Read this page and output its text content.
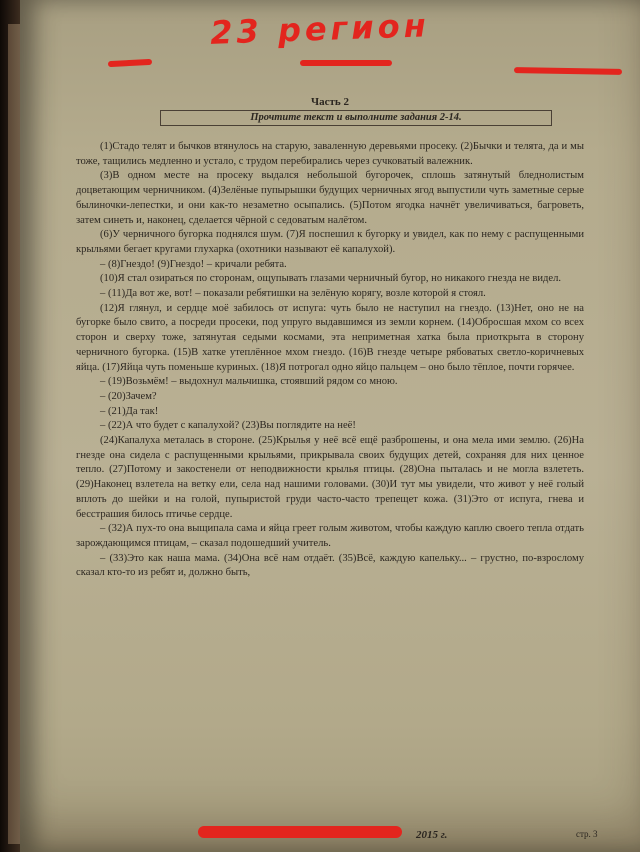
23 регион
Часть 2
Прочтите текст и выполните задания 2-14.

(1)Стадо телят и бычков втянулось на старую, заваленную деревьями просеку. (2)Бычки и телята, да и мы тоже, тащились медленно и устало, с трудом перебирались через сучковатый валежник.

(3)В одном месте на просеку выдался небольшой бугорочек, сплошь затянутый бледнолистым доцветающим черничником. (4)Зелёные пупырышки будущих черничных ягод выпустили чуть заметные серые былиночки-лепестки, и они как-то незаметно осыпались. (5)Потом ягодка начнёт увеличиваться, багроветь, затем синеть и, наконец, сделается чёрной с седоватым налётом.

(6)У черничного бугорка поднялся шум. (7)Я поспешил к бугорку и увидел, как по нему с распущенными крыльями бегает кругами глухарка (охотники называют её капалухой).

– (8)Гнездо! (9)Гнездо! – кричали ребята.

(10)Я стал озираться по сторонам, ощупывать глазами черничный бугор, но никакого гнезда не видел.

– (11)Да вот же, вот! – показали ребятишки на зелёную корягу, возле которой я стоял.

(12)Я глянул, и сердце моё забилось от испуга: чуть было не наступил на гнездо. (13)Нет, оно не на бугорке было свито, а посреди просеки, под упруго выдавшимся из земли корнем. (14)Обросшая мхом со всех сторон и сверху тоже, затянутая седыми космами, эта неприметная хатка была приоткрыта в сторону черничного бугорка. (15)В хатке утеплённое мхом гнездо. (16)В гнезде четыре рябоватых светло-коричневых яйца. (17)Яйца чуть поменьше куриных. (18)Я потрогал одно яйцо пальцем – оно было тёплое, почти горячее.

– (19)Возьмём! – выдохнул мальчишка, стоявший рядом со мною.

– (20)Зачем?

– (21)Да так!

– (22)А что будет с капалухой? (23)Вы поглядите на неё!

(24)Капалуха металась в стороне. (25)Крылья у неё всё ещё разброшены, и она мела ими землю. (26)На гнезде она сидела с распущенными крыльями, прикрывала своих будущих детей, сохраняя для них ценное тепло. (27)Потому и закостенели от неподвижности крылья птицы. (28)Она пыталась и не могла взлететь. (29)Наконец взлетела на ветку ели, села над нашими головами. (30)И тут мы увидели, что живот у неё голый вплоть до шейки и на голой, пупыристой груди часто-часто трепещет кожа. (31)Это от испуга, гнева и бесстрашия билось птичье сердце.

– (32)А пух-то она выщипала сама и яйца греет голым животом, чтобы каждую каплю своего тепла отдать зарождающимся птицам, – сказал подошедший учитель.

– (33)Это как наша мама. (34)Она всё нам отдаёт. (35)Всё, каждую капельку... – грустно, по-взрослому сказал кто-то из ребят и, должно быть,

2015 г.	стр. 3
